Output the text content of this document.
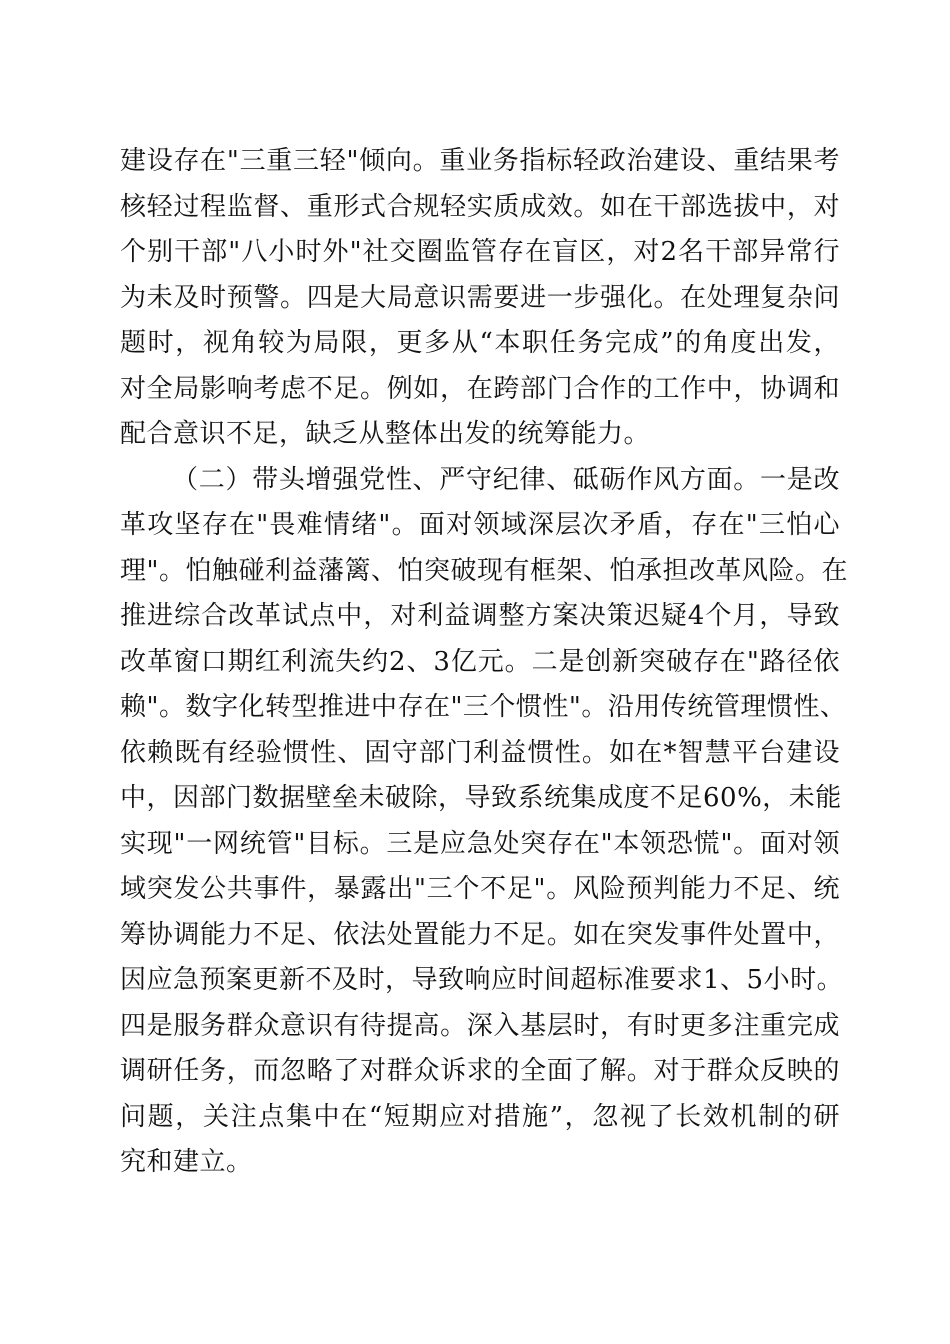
建设存在"三重三轻"倾向。重业务指标轻政治建设、重结果考
核轻过程监督、重形式合规轻实质成效。如在干部选拔中，对
个别干部"八小时外"社交圈监管存在盲区，对2名干部异常行
为未及时预警。四是大局意识需要进一步强化。在处理复杂问
题时，视角较为局限，更多从“本职任务完成”的角度出发，
对全局影响考虑不足。例如，在跨部门合作的工作中，协调和
配合意识不足，缺乏从整体出发的统筹能力。

（二）带头增强党性、严守纪律、砥砺作风方面。一是改
革攻坚存在"畏难情绪"。面对领域深层次矛盾，存在"三怕心
理"。怕触碰利益藩篱、怕突破现有框架、怕承担改革风险。在
推进综合改革试点中，对利益调整方案决策迟疑4个月，导致
改革窗口期红利流失约2、3亿元。二是创新突破存在"路径依
赖"。数字化转型推进中存在"三个惯性"。沿用传统管理惯性、
依赖既有经验惯性、固守部门利益惯性。如在*智慧平台建设
中，因部门数据壁垒未破除，导致系统集成度不足60%，未能
实现"一网统管"目标。三是应急处突存在"本领恐慌"。面对领
域突发公共事件，暴露出"三个不足"。风险预判能力不足、统
筹协调能力不足、依法处置能力不足。如在突发事件处置中，
因应急预案更新不及时，导致响应时间超标准要求1、5小时。
四是服务群众意识有待提高。深入基层时，有时更多注重完成
调研任务，而忽略了对群众诉求的全面了解。对于群众反映的
问题，关注点集中在“短期应对措施”，忽视了长效机制的研
究和建立。
